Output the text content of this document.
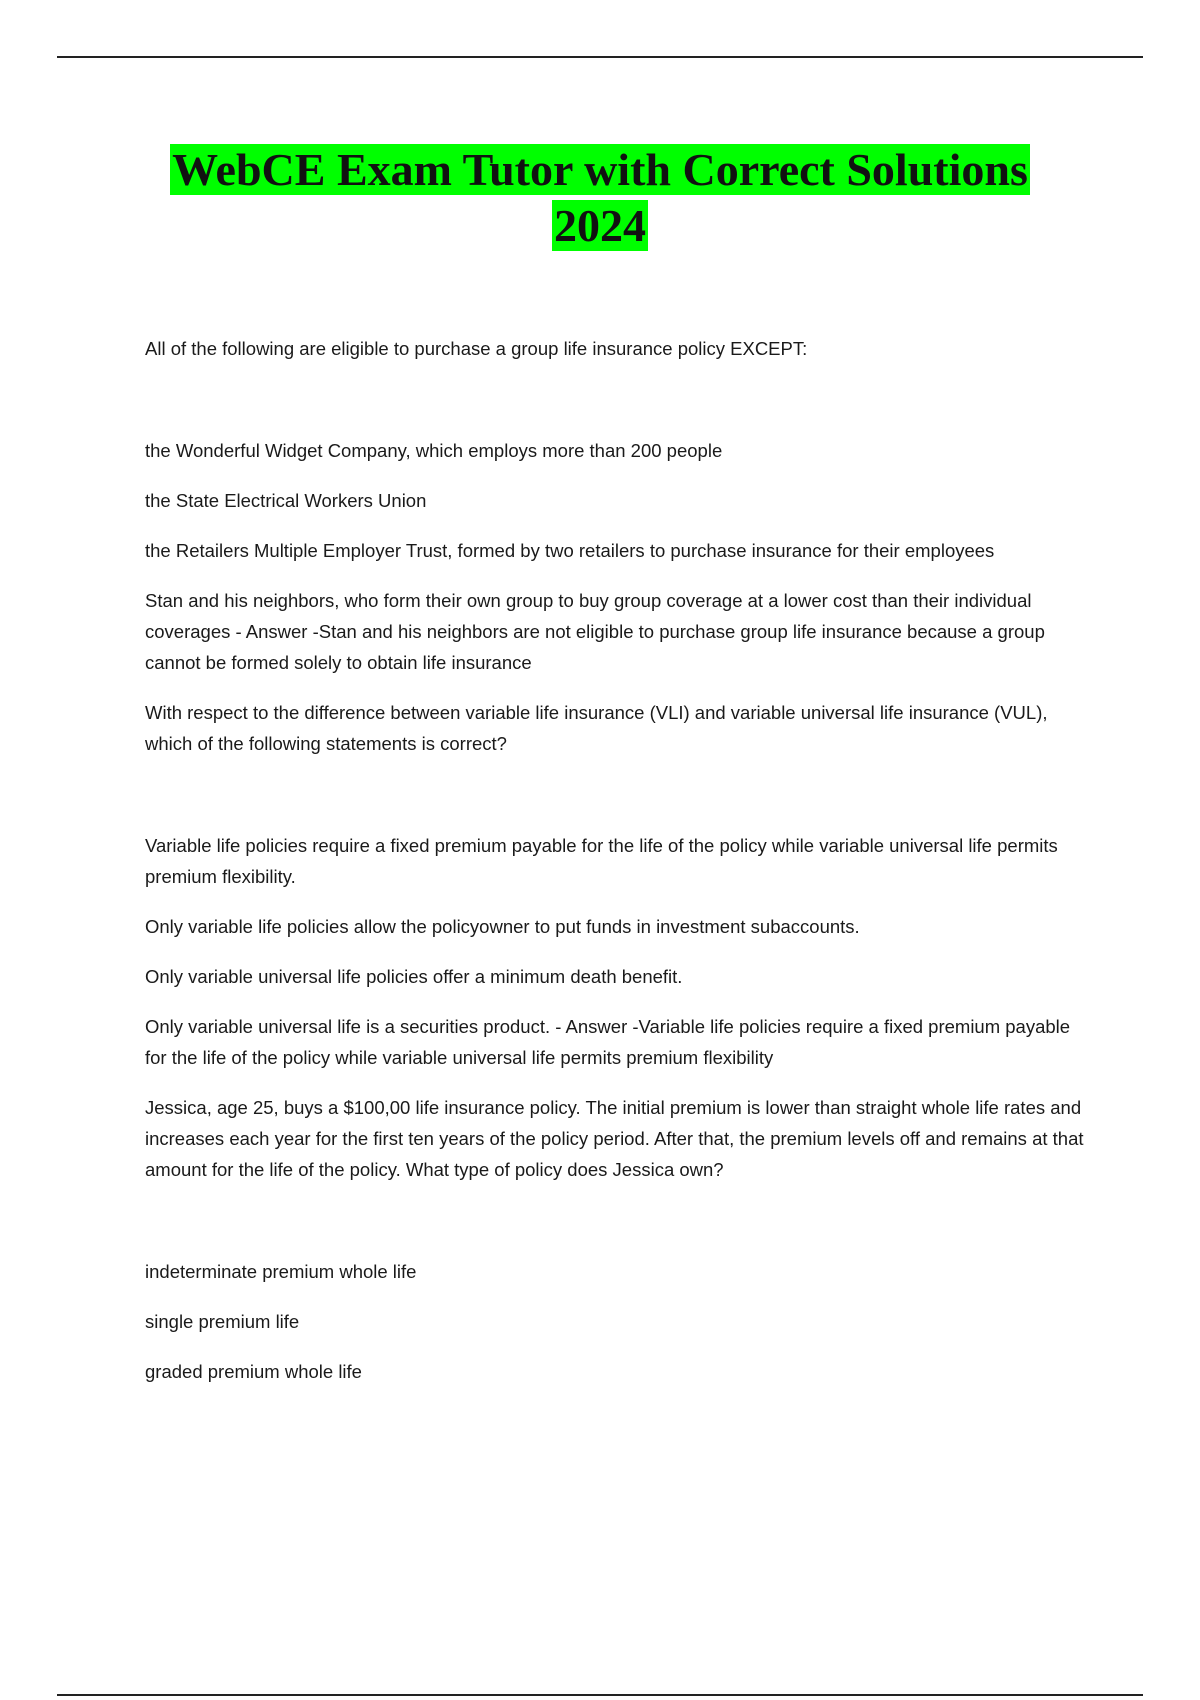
WebCE Exam Tutor with Correct Solutions
2024

All of the following are eligible to purchase a group life insurance policy EXCEPT:

the Wonderful Widget Company, which employs more than 200 people

the State Electrical Workers Union

the Retailers Multiple Employer Trust, formed by two retailers to purchase insurance for their employees

Stan and his neighbors, who form their own group to buy group coverage at a lower cost than their individual coverages - Answer -Stan and his neighbors are not eligible to purchase group life insurance because a group cannot be formed solely to obtain life insurance

With respect to the difference between variable life insurance (VLI) and variable universal life insurance (VUL), which of the following statements is correct?

Variable life policies require a fixed premium payable for the life of the policy while variable universal life permits premium flexibility.

Only variable life policies allow the policyowner to put funds in investment subaccounts.

Only variable universal life policies offer a minimum death benefit.

Only variable universal life is a securities product. - Answer -Variable life policies require a fixed premium payable for the life of the policy while variable universal life permits premium flexibility

Jessica, age 25, buys a $100,00 life insurance policy. The initial premium is lower than straight whole life rates and increases each year for the first ten years of the policy period. After that, the premium levels off and remains at that amount for the life of the policy. What type of policy does Jessica own?

indeterminate premium whole life

single premium life

graded premium whole life
